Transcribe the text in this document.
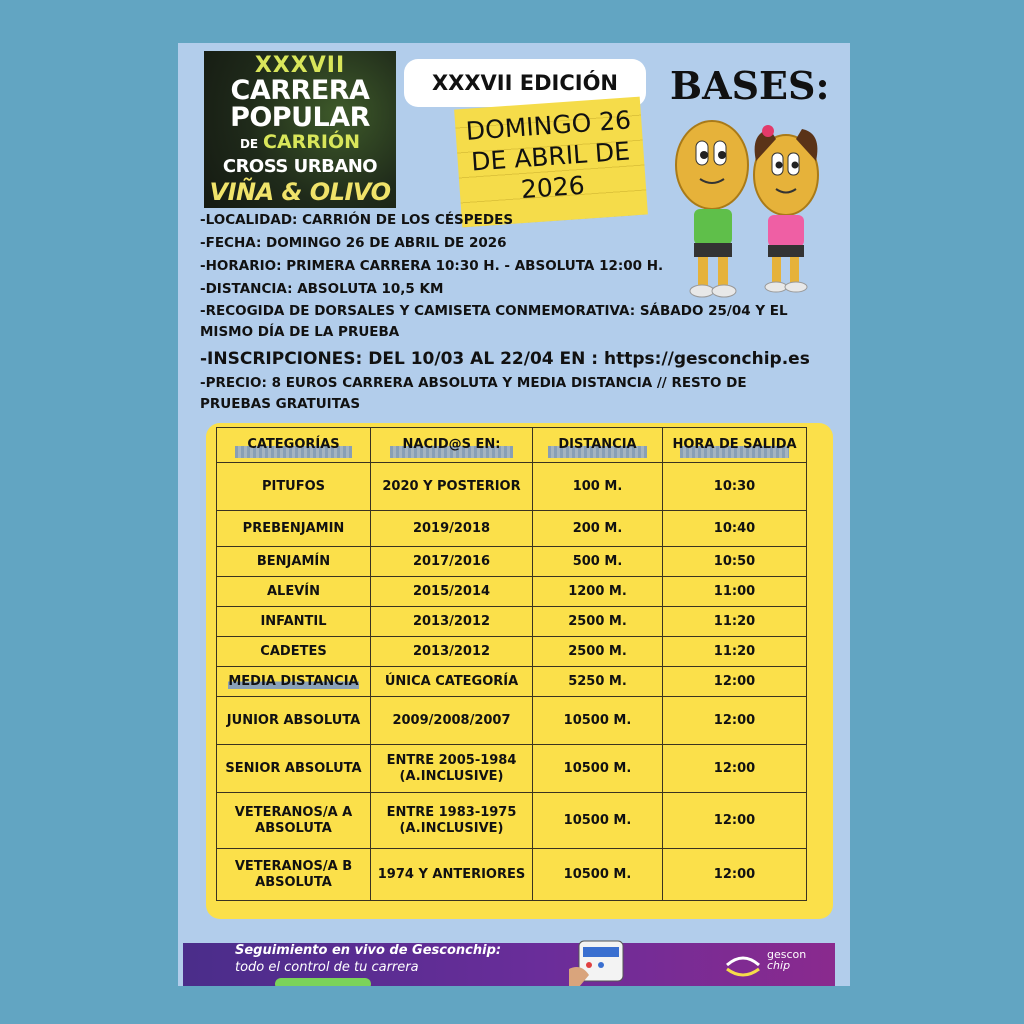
XXXVII
CARRERA
POPULAR
DE CARRIÓN
CROSS URBANO
VIÑA & OLIVO
XXXVII EDICIÓN
DOMINGO 26
DE ABRIL DE
2026
BASES:
-LOCALIDAD: CARRIÓN DE LOS CÉSPEDES
-FECHA: DOMINGO 26 DE ABRIL DE 2026
-HORARIO: PRIMERA CARRERA 10:30 H. - ABSOLUTA 12:00 H.
-DISTANCIA: ABSOLUTA 10,5 KM
-RECOGIDA DE DORSALES Y CAMISETA CONMEMORATIVA: SÁBADO 25/04 Y EL MISMO DÍA DE LA PRUEBA
-INSCRIPCIONES: DEL 10/03 AL 22/04 EN : https://gesconchip.es
-PRECIO: 8 EUROS CARRERA ABSOLUTA Y MEDIA DISTANCIA // RESTO DE PRUEBAS GRATUITAS
CATEGORÍAS	NACID@S EN:	DISTANCIA	HORA DE SALIDA
PITUFOS	2020 Y POSTERIOR	100 M.	10:30
PREBENJAMIN	2019/2018	200 M.	10:40
BENJAMÍN	2017/2016	500 M.	10:50
ALEVÍN	2015/2014	1200 M.	11:00
INFANTIL	2013/2012	2500 M.	11:20
CADETES	2013/2012	2500 M.	11:20
MEDIA DISTANCIA	ÚNICA CATEGORÍA	5250 M.	12:00
JUNIOR ABSOLUTA	2009/2008/2007	10500 M.	12:00
SENIOR ABSOLUTA	ENTRE 2005-1984 (A.INCLUSIVE)	10500 M.	12:00
VETERANOS/A A ABSOLUTA	ENTRE 1983-1975 (A.INCLUSIVE)	10500 M.	12:00
VETERANOS/A B ABSOLUTA	1974 Y ANTERIORES	10500 M.	12:00
Seguimiento en vivo de Gesconchip:
todo el control de tu carrera
gescon
chip
